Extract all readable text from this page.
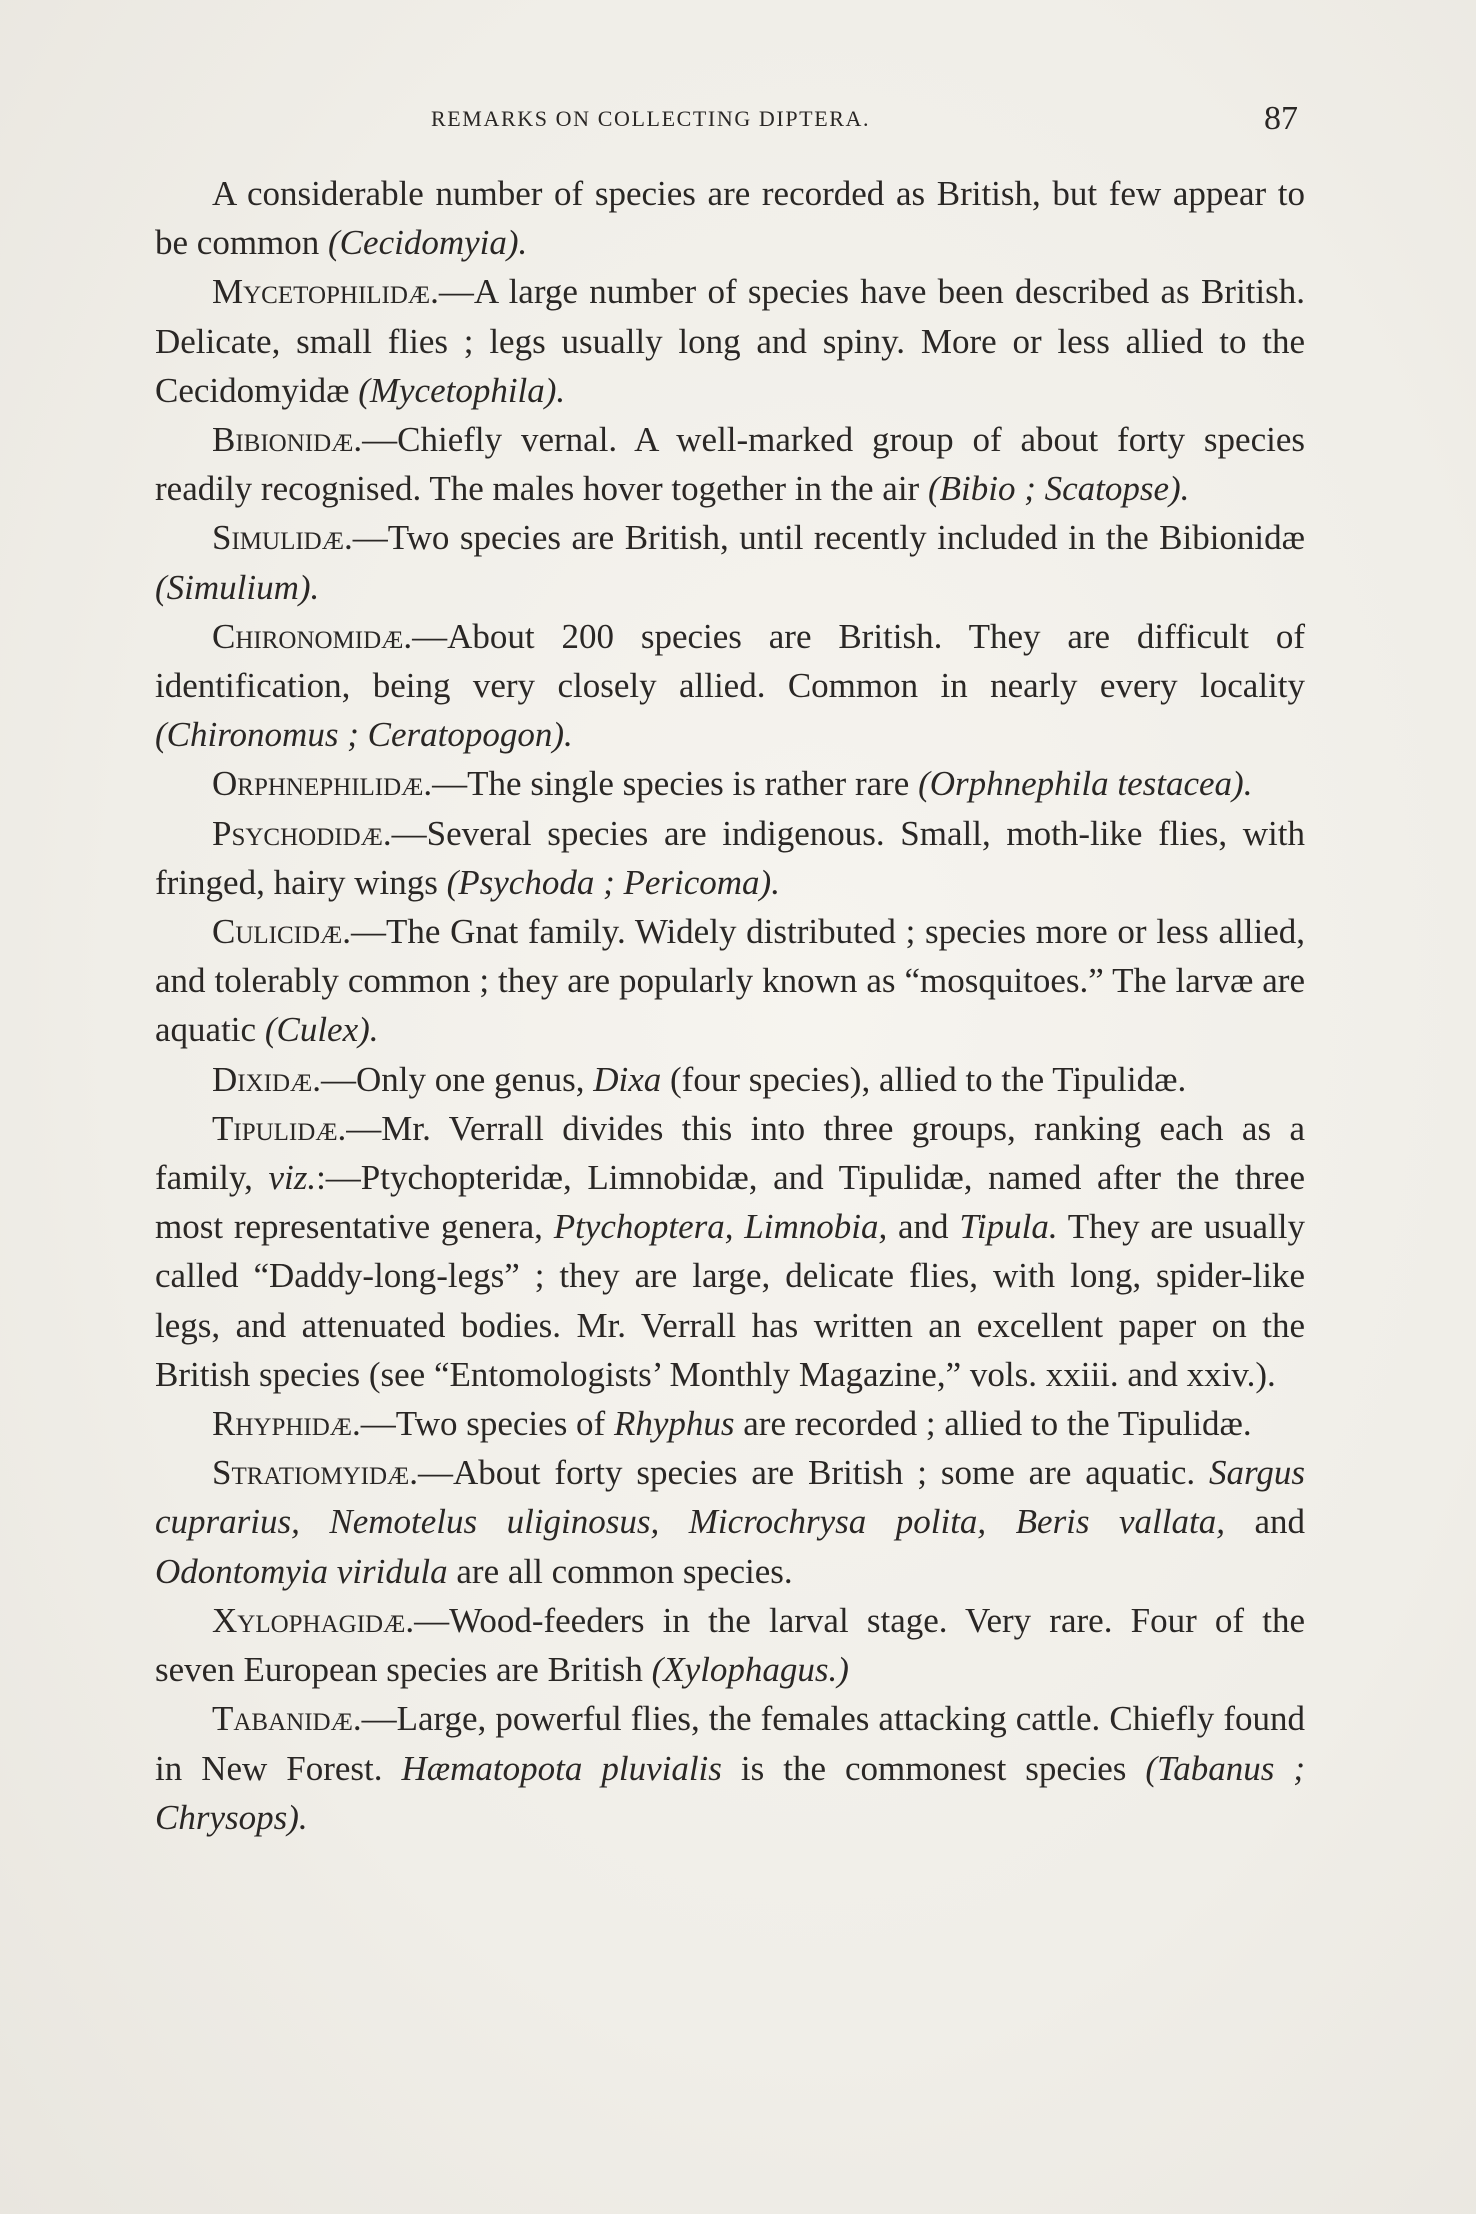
REMARKS ON COLLECTING DIPTERA.	87

A considerable number of species are recorded as British, but few appear to be common (Cecidomyia).

Mycetophilidæ.—A large number of species have been described as British. Delicate, small flies ; legs usually long and spiny. More or less allied to the Cecidomyidæ (Mycetophila).

Bibionidæ.—Chiefly vernal. A well-marked group of about forty species readily recognised. The males hover together in the air (Bibio ; Scatopse).

Simulidæ.—Two species are British, until recently included in the Bibionidæ (Simulium).

Chironomidæ.—About 200 species are British. They are difficult of identification, being very closely allied. Common in nearly every locality (Chironomus ; Ceratopogon).

Orphnephilidæ.—The single species is rather rare (Orphnephila testacea).

Psychodidæ.—Several species are indigenous. Small, moth-like flies, with fringed, hairy wings (Psychoda ; Pericoma).

Culicidæ.—The Gnat family. Widely distributed ; species more or less allied, and tolerably common ; they are popularly known as “mosquitoes.” The larvæ are aquatic (Culex).

Dixidæ.—Only one genus, Dixa (four species), allied to the Tipulidæ.

Tipulidæ.—Mr. Verrall divides this into three groups, ranking each as a family, viz.:—Ptychopteridæ, Limnobidæ, and Tipulidæ, named after the three most representative genera, Ptychoptera, Limnobia, and Tipula. They are usually called “Daddy-long-legs” ; they are large, delicate flies, with long, spider-like legs, and attenuated bodies. Mr. Verrall has written an excellent paper on the British species (see “Entomologists’ Monthly Magazine,” vols. xxiii. and xxiv.).

Rhyphidæ.—Two species of Rhyphus are recorded ; allied to the Tipulidæ.

Stratiomyidæ.—About forty species are British ; some are aquatic. Sargus cuprarius, Nemotelus uliginosus, Microchrysa polita, Beris vallata, and Odontomyia viridula are all common species.

Xylophagidæ.—Wood-feeders in the larval stage. Very rare. Four of the seven European species are British (Xylophagus.)

Tabanidæ.—Large, powerful flies, the females attacking cattle. Chiefly found in New Forest. Hæmatopota pluvialis is the commonest species (Tabanus ; Chrysops).
